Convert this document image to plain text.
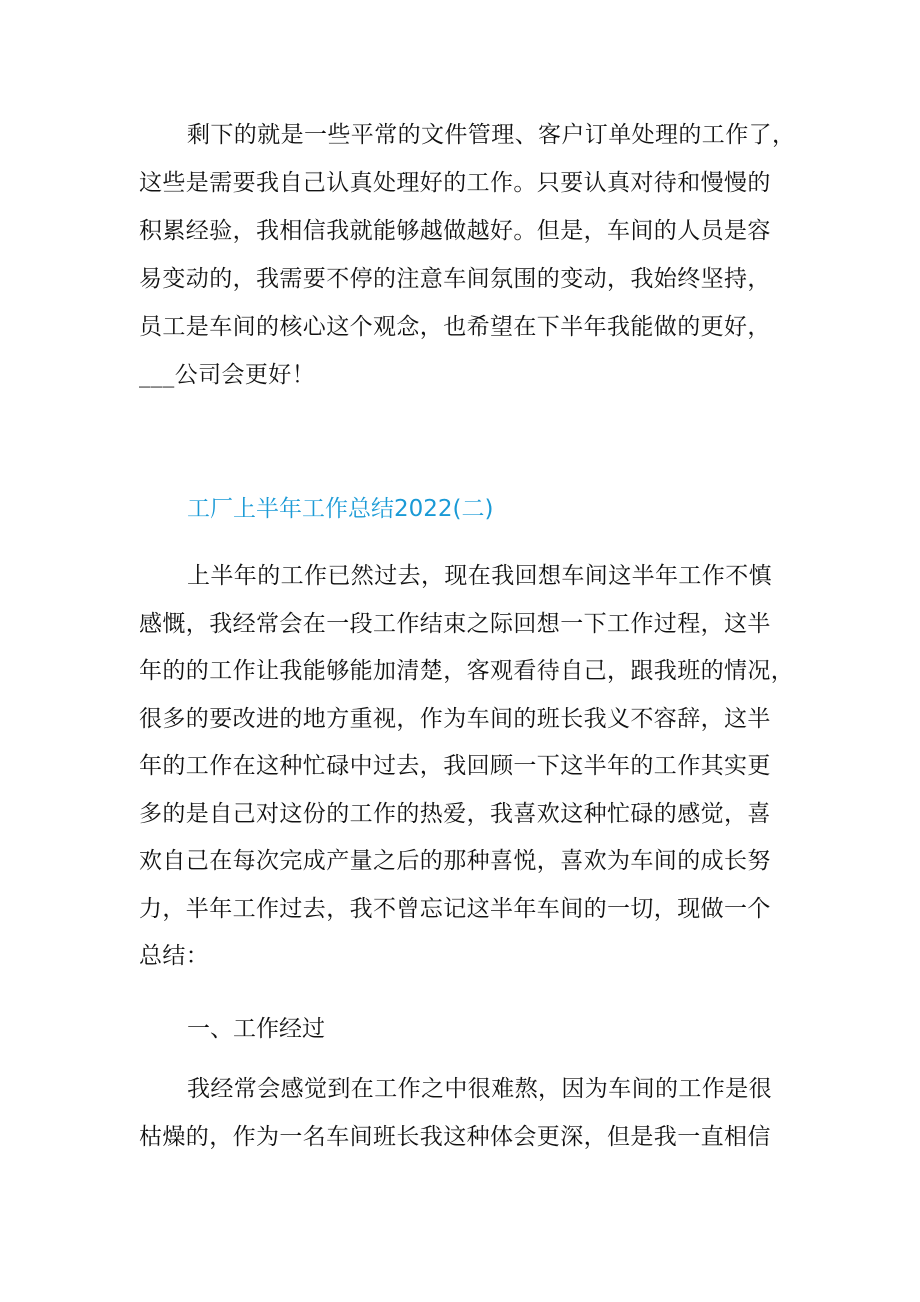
剩下的就是一些平常的文件管理、客户订单处理的工作了，
这些是需要我自己认真处理好的工作。只要认真对待和慢慢的
积累经验，我相信我就能够越做越好。但是，车间的人员是容
易变动的，我需要不停的注意车间氛围的变动，我始终坚持，
员工是车间的核心这个观念，也希望在下半年我能做的更好，
___公司会更好！
工厂上半年工作总结2022(二)
上半年的工作已然过去，现在我回想车间这半年工作不慎
感慨，我经常会在一段工作结束之际回想一下工作过程，这半
年的的工作让我能够能加清楚，客观看待自己，跟我班的情况，
很多的要改进的地方重视，作为车间的班长我义不容辞，这半
年的工作在这种忙碌中过去，我回顾一下这半年的工作其实更
多的是自己对这份的工作的热爱，我喜欢这种忙碌的感觉，喜
欢自己在每次完成产量之后的那种喜悦，喜欢为车间的成长努
力，半年工作过去，我不曾忘记这半年车间的一切，现做一个
总结：
一、工作经过
我经常会感觉到在工作之中很难熬，因为车间的工作是很
枯燥的，作为一名车间班长我这种体会更深，但是我一直相信
